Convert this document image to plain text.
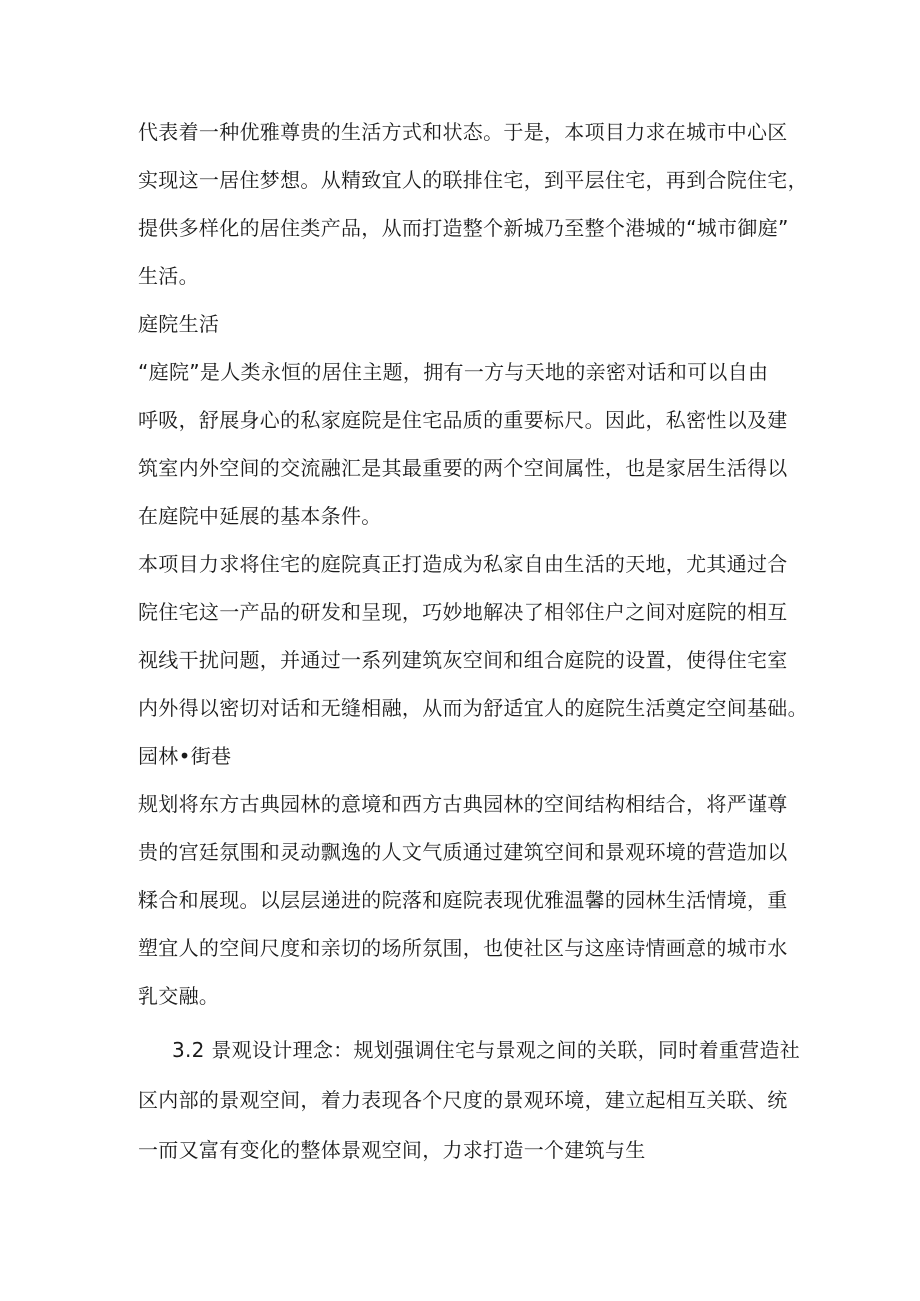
代表着一种优雅尊贵的生活方式和状态。于是，本项目力求在城市中心区
实现这一居住梦想。从精致宜人的联排住宅，到平层住宅，再到合院住宅，
提供多样化的居住类产品，从而打造整个新城乃至整个港城的“城市御庭”
生活。
庭院生活
“庭院”是人类永恒的居住主题，拥有一方与天地的亲密对话和可以自由
呼吸，舒展身心的私家庭院是住宅品质的重要标尺。因此，私密性以及建
筑室内外空间的交流融汇是其最重要的两个空间属性，也是家居生活得以
在庭院中延展的基本条件。
本项目力求将住宅的庭院真正打造成为私家自由生活的天地，尤其通过合
院住宅这一产品的研发和呈现，巧妙地解决了相邻住户之间对庭院的相互
视线干扰问题，并通过一系列建筑灰空间和组合庭院的设置，使得住宅室
内外得以密切对话和无缝相融，从而为舒适宜人的庭院生活奠定空间基础。
园林•街巷
规划将东方古典园林的意境和西方古典园林的空间结构相结合，将严谨尊
贵的宫廷氛围和灵动飘逸的人文气质通过建筑空间和景观环境的营造加以
糅合和展现。以层层递进的院落和庭院表现优雅温馨的园林生活情境，重
塑宜人的空间尺度和亲切的场所氛围，也使社区与这座诗情画意的城市水
乳交融。
3.2 景观设计理念：规划强调住宅与景观之间的关联，同时着重营造社
区内部的景观空间，着力表现各个尺度的景观环境，建立起相互关联、统
一而又富有变化的整体景观空间，力求打造一个建筑与生
